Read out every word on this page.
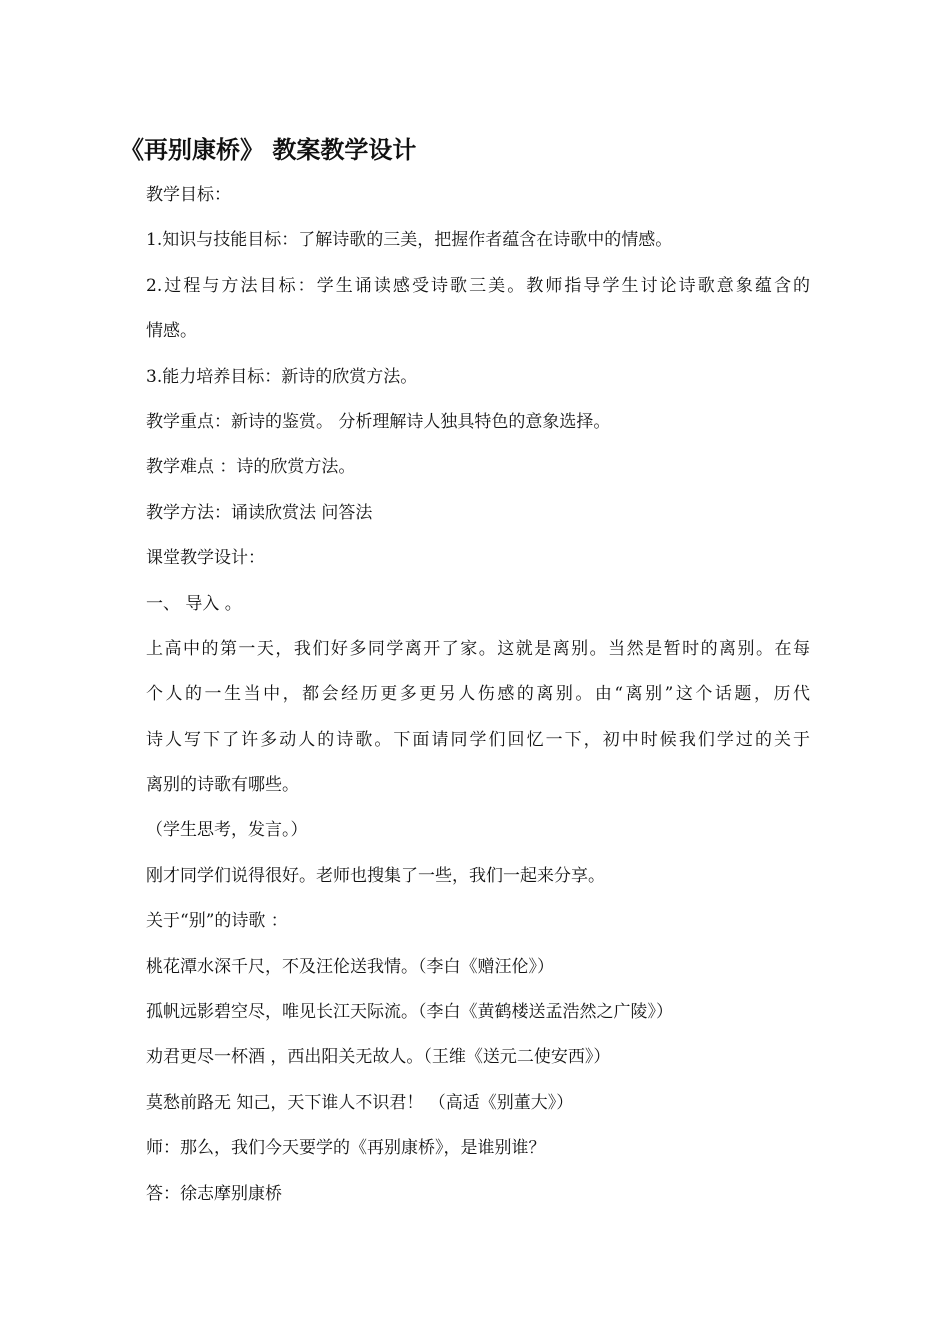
《再别康桥》 教案教学设计
教学目标：
1.知识与技能目标：了解诗歌的三美，把握作者蕴含在诗歌中的情感。
2.过程与方法目标：学生诵读感受诗歌三美。教师指导学生讨论诗歌意象蕴含的
情感。
3.能力培养目标：新诗的欣赏方法。
教学重点：新诗的鉴赏。 分析理解诗人独具特色的意象选择。
教学难点 ：诗的欣赏方法。
教学方法：诵读欣赏法 问答法
课堂教学设计：
一、 导入 。
上高中的第一天，我们好多同学离开了家。这就是离别。当然是暂时的离别。在每
个人的一生当中，都会经历更多更另人伤感的离别。由“离别”这个话题，历代
诗人写下了许多动人的诗歌。下面请同学们回忆一下，初中时候我们学过的关于
离别的诗歌有哪些。
（学生思考，发言。）
刚才同学们说得很好。老师也搜集了一些，我们一起来分享。
关于“别”的诗歌 ：
桃花潭水深千尺，不及汪伦送我情。（李白《赠汪伦》）
孤帆远影碧空尽，唯见长江天际流。（李白《黄鹤楼送孟浩然之广陵》）
劝君更尽一杯酒 ，西出阳关无故人。（王维《送元二使安西》）
莫愁前路无 知己，天下谁人不识君！ （高适《别董大》）
师：那么，我们今天要学的《再别康桥》，是谁别谁？
答：徐志摩别康桥
